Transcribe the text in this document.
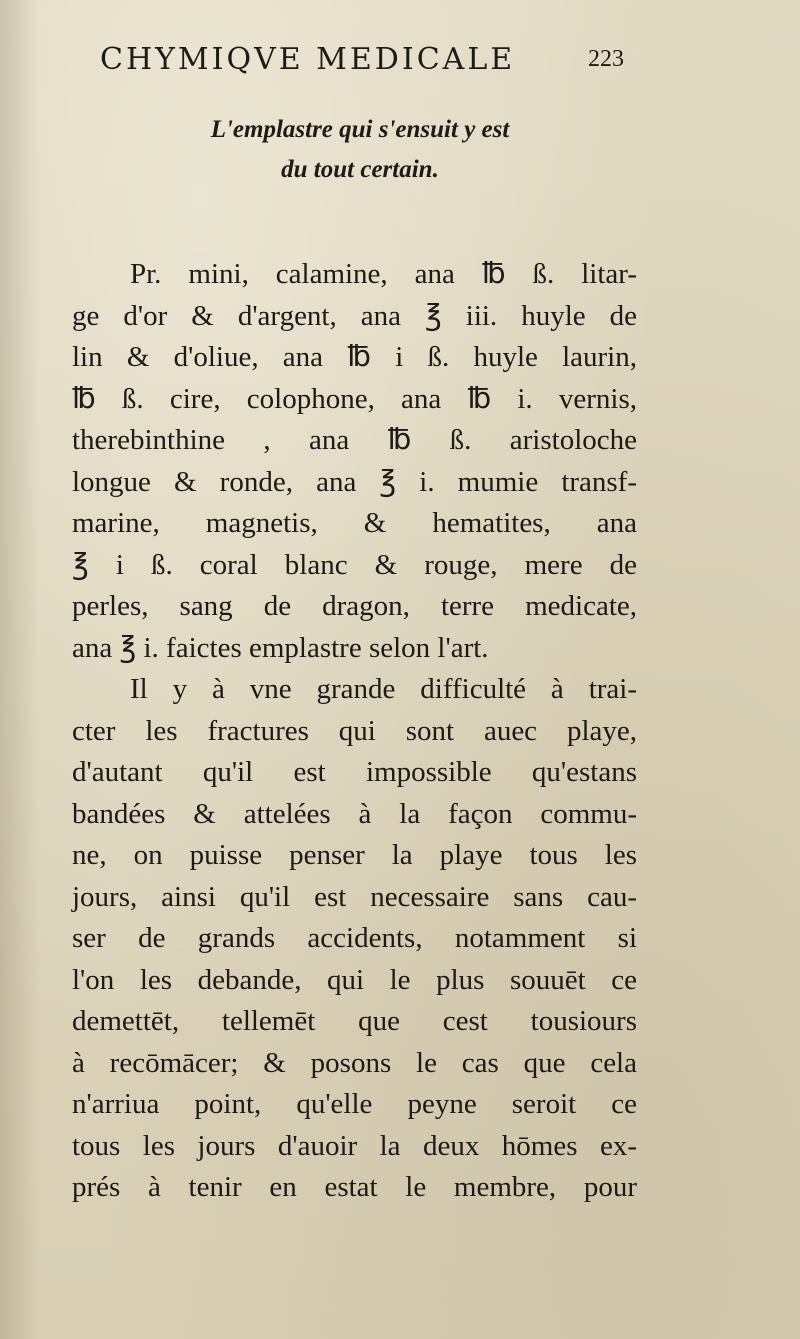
CHYMIQVE MEDICALE	223
L'emplastre qui s'ensuit y est
du tout certain.
Pr. mini, calamine, ana ℔ ß. litar-
ge d'or & d'argent, ana ℥ iii. huyle de
lin & d'oliue, ana ℔ i ß. huyle laurin,
℔ ß. cire, colophone, ana ℔ i. vernis,
therebinthine , ana ℔ ß. aristoloche
longue & ronde, ana ℥ i. mumie transf-
marine, magnetis, & hematites, ana
℥ i ß. coral blanc & rouge, mere de
perles, sang de dragon, terre medicate,
ana ℥ i. faictes emplastre selon l'art.
Il y à vne grande difficulté à trai-
cter les fractures qui sont auec playe,
d'autant qu'il est impossible qu'estans
bandées & attelées à la façon commu-
ne, on puisse penser la playe tous les
jours, ainsi qu'il est necessaire sans cau-
ser de grands accidents, notamment si
l'on les debande, qui le plus souuēt ce
demettēt, tellemēt que cest tousiours
à recōmācer; & posons le cas que cela
n'arriua point, qu'elle peyne seroit ce
tous les jours d'auoir la deux hōmes ex-
prés à tenir en estat le membre, pour
